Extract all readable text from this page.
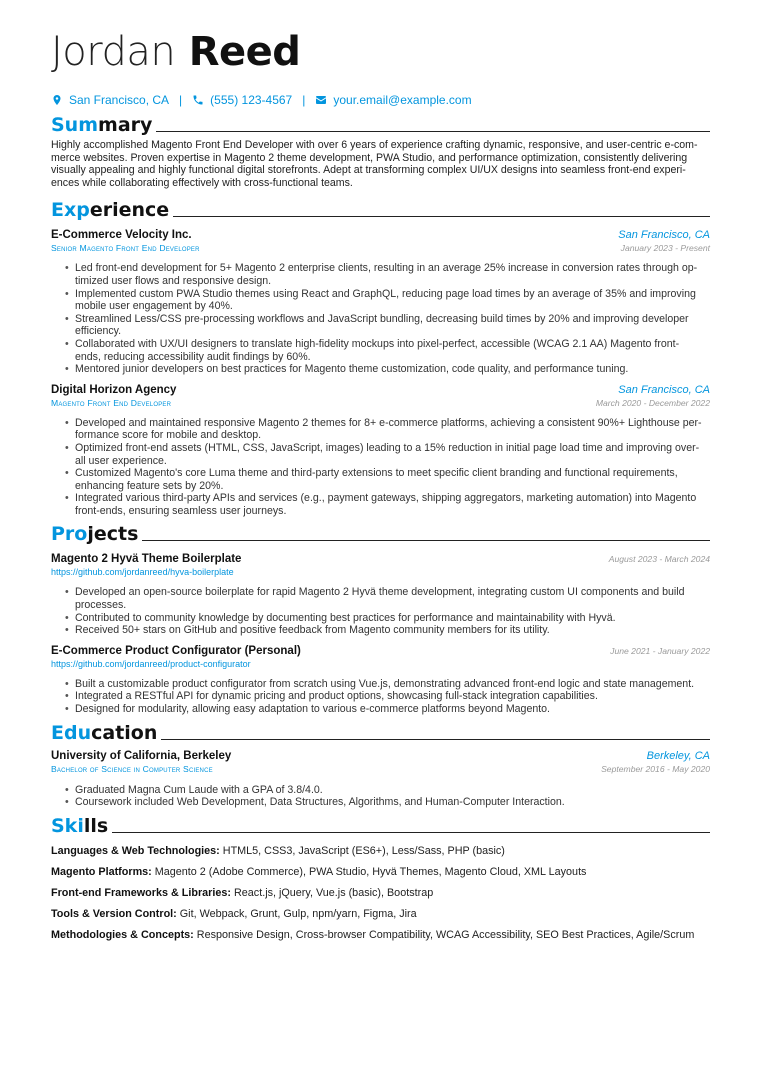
Jordan Reed
San Francisco, CA | (555) 123-4567 | your.email@example.com
Summary

Highly accomplished Magento Front End Developer with over 6 years of experience crafting dynamic, responsive, and user-centric e-com- merce websites. Proven expertise in Magento 2 theme development, PWA Studio, and performance optimization, consistently delivering visually appealing and highly functional digital storefronts. Adept at transforming complex UI/UX designs into seamless front-end experi- ences while collaborating effectively with cross-functional teams.

Experience
E-Commerce Velocity Inc.	San Francisco, CA
Senior Magento Front End Developer	January 2023 - Present
• Led front-end development for 5+ Magento 2 enterprise clients, resulting in an average 25% increase in conversion rates through op-
timized user flows and responsive design.
• Implemented custom PWA Studio themes using React and GraphQL, reducing page load times by an average of 35% and improving
mobile user engagement by 40%.
• Streamlined Less/CSS pre-processing workflows and JavaScript bundling, decreasing build times by 20% and improving developer
efficiency.
• Collaborated with UX/UI designers to translate high-fidelity mockups into pixel-perfect, accessible (WCAG 2.1 AA) Magento front-
ends, reducing accessibility audit findings by 60%.
• Mentored junior developers on best practices for Magento theme customization, code quality, and performance tuning.
Digital Horizon Agency	San Francisco, CA
Magento Front End Developer	March 2020 - December 2022
• Developed and maintained responsive Magento 2 themes for 8+ e-commerce platforms, achieving a consistent 90%+ Lighthouse per-
formance score for mobile and desktop.
• Optimized front-end assets (HTML, CSS, JavaScript, images) leading to a 15% reduction in initial page load time and improving over-
all user experience.
• Customized Magento's core Luma theme and third-party extensions to meet specific client branding and functional requirements,
enhancing feature sets by 20%.
• Integrated various third-party APIs and services (e.g., payment gateways, shipping aggregators, marketing automation) into Magento
front-ends, ensuring seamless user journeys.
Projects
Magento 2 Hyvä Theme Boilerplate	August 2023 - March 2024
https://github.com/jordanreed/hyva-boilerplate
• Developed an open-source boilerplate for rapid Magento 2 Hyvä theme development, integrating custom UI components and build
processes.
• Contributed to community knowledge by documenting best practices for performance and maintainability with Hyvä.
• Received 50+ stars on GitHub and positive feedback from Magento community members for its utility.
E-Commerce Product Configurator (Personal)	June 2021 - January 2022
https://github.com/jordanreed/product-configurator
• Built a customizable product configurator from scratch using Vue.js, demonstrating advanced front-end logic and state management.
• Integrated a RESTful API for dynamic pricing and product options, showcasing full-stack integration capabilities.
• Designed for modularity, allowing easy adaptation to various e-commerce platforms beyond Magento.
Education
University of California, Berkeley	Berkeley, CA
Bachelor of Science in Computer Science	September 2016 - May 2020
• Graduated Magna Cum Laude with a GPA of 3.8/4.0.
• Coursework included Web Development, Data Structures, Algorithms, and Human-Computer Interaction.
Skills
Languages & Web Technologies: HTML5, CSS3, JavaScript (ES6+), Less/Sass, PHP (basic)
Magento Platforms: Magento 2 (Adobe Commerce), PWA Studio, Hyvä Themes, Magento Cloud, XML Layouts
Front-end Frameworks & Libraries: React.js, jQuery, Vue.js (basic), Bootstrap
Tools & Version Control: Git, Webpack, Grunt, Gulp, npm/yarn, Figma, Jira
Methodologies & Concepts: Responsive Design, Cross-browser Compatibility, WCAG Accessibility, SEO Best Practices, Agile/Scrum
